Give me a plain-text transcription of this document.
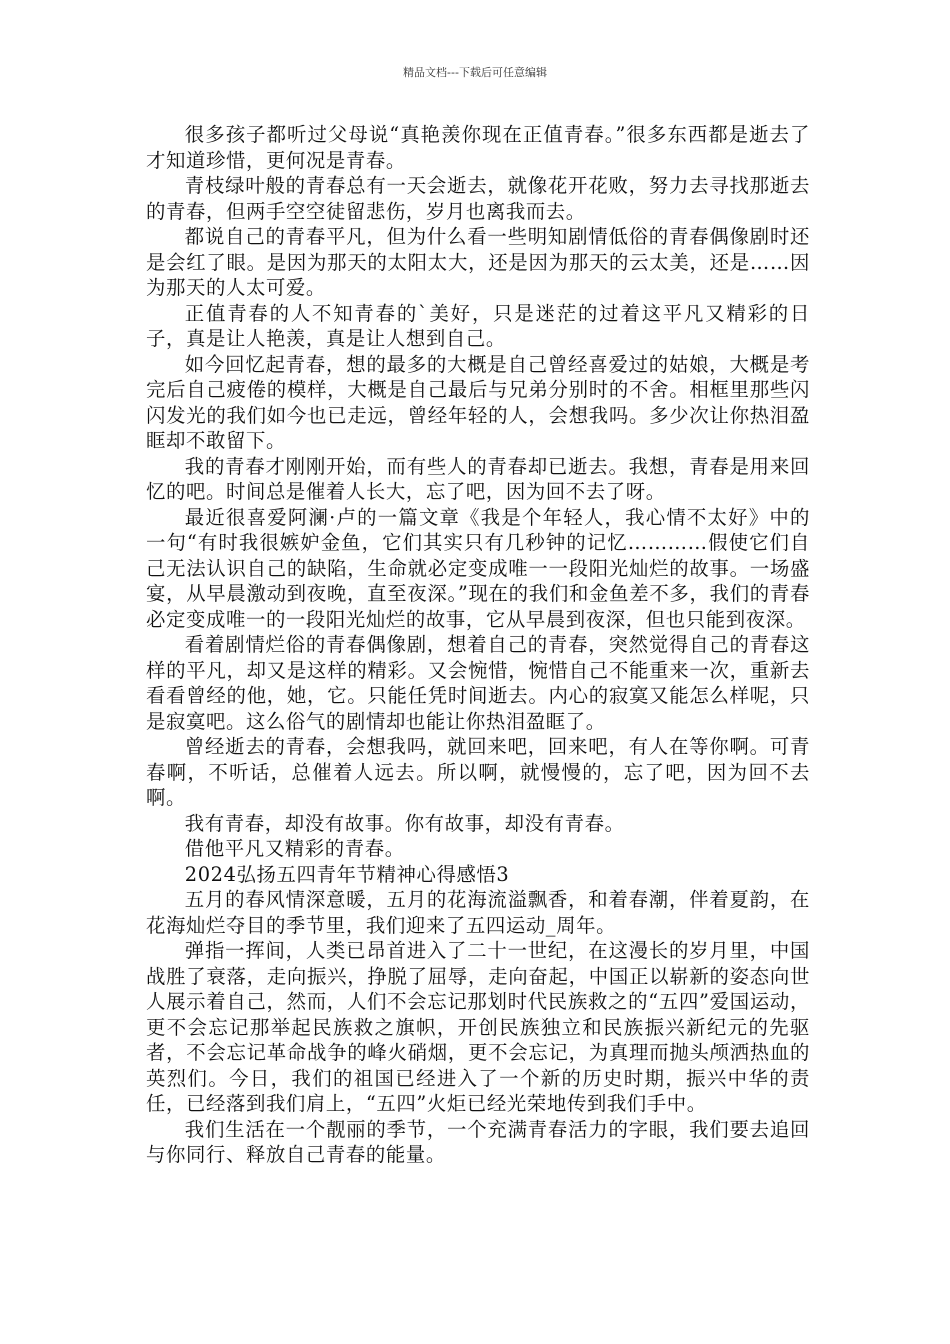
精品文档---下载后可任意编辑

很多孩子都听过父母说“真艳羡你现在正值青春。”很多东西都是逝去了才知道珍惜，更何况是青春。

青枝绿叶般的青春总有一天会逝去，就像花开花败，努力去寻找那逝去的青春，但两手空空徒留悲伤，岁月也离我而去。

都说自己的青春平凡，但为什么看一些明知剧情低俗的青春偶像剧时还是会红了眼。是因为那天的太阳太大，还是因为那天的云太美，还是……因为那天的人太可爱。

正值青春的人不知青春的`美好，只是迷茫的过着这平凡又精彩的日子，真是让人艳羡，真是让人想到自己。

如今回忆起青春，想的最多的大概是自己曾经喜爱过的姑娘，大概是考完后自己疲倦的模样，大概是自己最后与兄弟分别时的不舍。相框里那些闪闪发光的我们如今也已走远，曾经年轻的人，会想我吗。多少次让你热泪盈眶却不敢留下。

我的青春才刚刚开始，而有些人的青春却已逝去。我想，青春是用来回忆的吧。时间总是催着人长大，忘了吧，因为回不去了呀。

最近很喜爱阿澜·卢的一篇文章《我是个年轻人，我心情不太好》中的一句“有时我很嫉妒金鱼，它们其实只有几秒钟的记忆…………假使它们自己无法认识自己的缺陷，生命就必定变成唯一一段阳光灿烂的故事。一场盛宴，从早晨激动到夜晚，直至夜深。”现在的我们和金鱼差不多，我们的青春必定变成唯一的一段阳光灿烂的故事，它从早晨到夜深，但也只能到夜深。

看着剧情烂俗的青春偶像剧，想着自己的青春，突然觉得自己的青春这样的平凡，却又是这样的精彩。又会惋惜，惋惜自己不能重来一次，重新去看看曾经的他，她，它。只能任凭时间逝去。内心的寂寞又能怎么样呢，只是寂寞吧。这么俗气的剧情却也能让你热泪盈眶了。

曾经逝去的青春，会想我吗，就回来吧，回来吧，有人在等你啊。可青春啊，不听话，总催着人远去。所以啊，就慢慢的，忘了吧，因为回不去啊。

我有青春，却没有故事。你有故事，却没有青春。

借他平凡又精彩的青春。

2024弘扬五四青年节精神心得感悟3

五月的春风情深意暖，五月的花海流溢飘香，和着春潮，伴着夏韵，在花海灿烂夺目的季节里，我们迎来了五四运动_周年。

弹指一挥间，人类已昂首进入了二十一世纪，在这漫长的岁月里，中国战胜了衰落，走向振兴，挣脱了屈辱，走向奋起，中国正以崭新的姿态向世人展示着自己，然而，人们不会忘记那划时代民族救之的“五四”爱国运动，更不会忘记那举起民族救之旗帜，开创民族独立和民族振兴新纪元的先驱者，不会忘记革命战争的峰火硝烟，更不会忘记，为真理而抛头颅洒热血的英烈们。今日，我们的祖国已经进入了一个新的历史时期，振兴中华的责任，已经落到我们肩上，“五四”火炬已经光荣地传到我们手中。

我们生活在一个靓丽的季节，一个充满青春活力的字眼，我们要去追回与你同行、释放自己青春的能量。
